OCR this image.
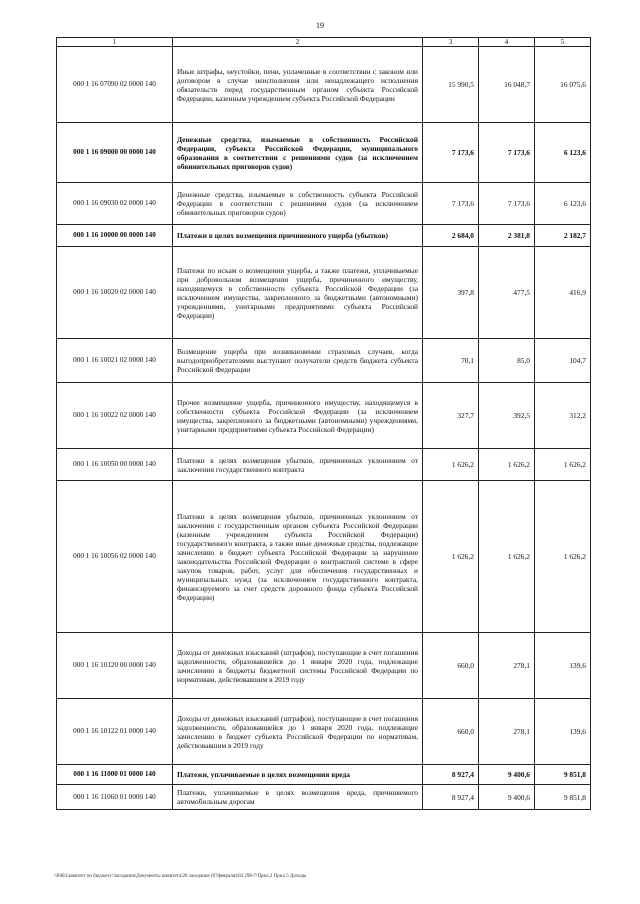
19
1	2	3	4	5
000 1 16 07090 02 0000 140	Иные штрафы, неустойки, пени, уплаченные в соответствии с законом или договором в случае неисполнения или ненадлежащего исполнения обязательств перед государственным органом субъекта Российской Федерации, казенным учреждением субъекта Российской Федерации	15 990,5	16 048,7	16 075,6
000 1 16 09000 00 0000 140	Денежные средства, изымаемые в собственность Российской Федерации, субъекта Российской Федерации, муниципального образования в соответствии с решениями судов (за исключением обвинительных приговоров судов)	7 173,6	7 173,6	6 123,6
000 1 16 09030 02 0000 140	Денежные средства, изымаемые в собственность субъекта Российской Федерации в соответствии с решениями судов (за исключением обвинительных приговоров судов)	7 173,6	7 173,6	6 123,6
000 1 16 10000 00 0000 140	Платежи в целях возмещения причиненного ущерба (убытков)	2 684,0	2 381,8	2 182,7
000 1 16 10020 02 0000 140	Платежи по искам о возмещении ущерба, а также платежи, уплачиваемые при добровольном возмещении ущерба, причиненного имуществу, находящемуся в собственности субъекта Российской Федерации (за исключением имущества, закрепленного за бюджетными (автономными) учреждениями, унитарными предприятиями субъекта Российской Федерации)	397,8	477,5	416,9
000 1 16 10021 02 0000 140	Возмещение ущерба при возникновении страховых случаев, когда выгодоприобретателями выступают получатели средств бюджета субъекта Российской Федерации	70,1	85,0	104,7
000 1 16 10022 02 0000 140	Прочее возмещение ущерба, причиненного имуществу, находящемуся в собственности субъекта Российской Федерации (за исключением имущества, закрепленного за бюджетными (автономными) учреждениями, унитарными предприятиями субъекта Российской Федерации)	327,7	392,5	312,2
000 1 16 10050 00 0000 140	Платежи в целях возмещения убытков, причиненных уклонением от заключения государственного контракта	1 626,2	1 626,2	1 626,2
000 1 16 10056 02 0000 140	Платежи в целях возмещения убытков, причиненных уклонением от заключения с государственным органом субъекта Российской Федерации (казенным учреждением субъекта Российской Федерации) государственного контракта, а также иные денежные средства, подлежащие зачислению в бюджет субъекта Российской Федерации за нарушение законодательства Российской Федерации о контрактной системе в сфере закупок товаров, работ, услуг для обеспечения государственных и муниципальных нужд (за исключением государственного контракта, финансируемого за счет средств дорожного фонда субъекта Российской Федерации)	1 626,2	1 626,2	1 626,2
000 1 16 10120 00 0000 140	Доходы от денежных взысканий (штрафов), поступающие в счет погашения задолженности, образовавшейся до 1 января 2020 года, подлежащие зачислению в бюджеты бюджетной системы Российской Федерации по нормативам, действовавшим в 2019 году	660,0	278,1	139,6
000 1 16 10122 01 0000 140	Доходы от денежных взысканий (штрафов), поступающие в счет погашения задолженности, образовавшейся до 1 января 2020 года, подлежащие зачислению в бюджет субъекта Российской Федерации по нормативам, действовавшим в 2019 году	660,0	278,1	139,6
000 1 16 11000 01 0000 140	Платежи, уплачиваемые в целях возмещения вреда	8 927,4	9 400,6	9 851,8
000 1 16 11060 01 0000 140	Платежи, уплачиваемые в целях возмещения вреда, причиняемого автомобильным дорогам	8 927,4	9 400,6	9 851,8
\\Pd03\комитет по бюджету\Заседания\Документы комитета\28 заседание (07февраля)\03 298-7\Прил.2 Прил 5 Доходы
